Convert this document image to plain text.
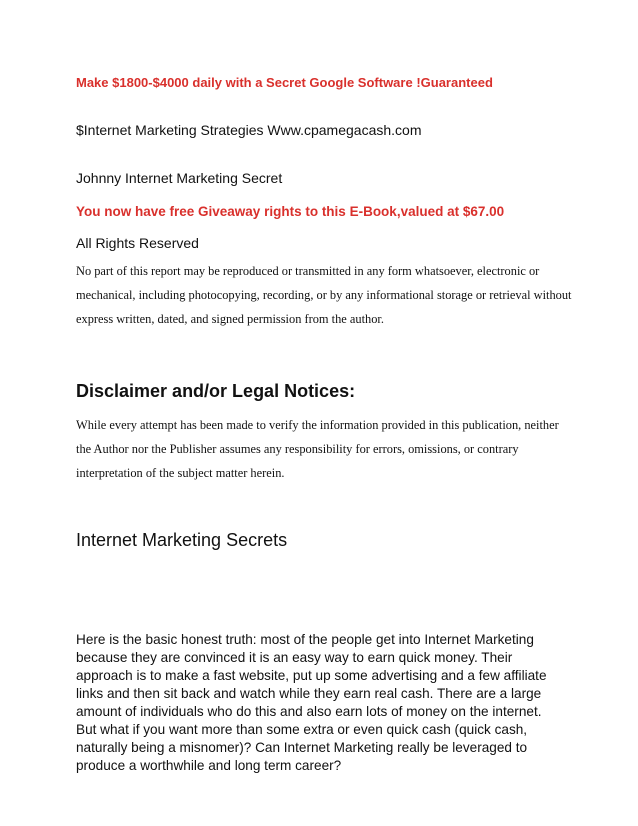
Make $1800-$4000 daily with a Secret Google Software !Guaranteed
$Internet Marketing Strategies Www.cpamegacash.com
Johnny Internet Marketing Secret
You now have free Giveaway rights to this E-Book,valued at $67.00
All Rights Reserved

No part of this report may be reproduced or transmitted in any form whatsoever, electronic or mechanical, including photocopying, recording, or by any informational storage or retrieval without express written, dated, and signed permission from the author.

Disclaimer and/or Legal Notices:

While every attempt has been made to verify the information provided in this publication, neither the Author nor the Publisher assumes any responsibility for errors, omissions, or contrary interpretation of the subject matter herein.

Internet Marketing Secrets

Here is the basic honest truth: most of the people get into Internet Marketing because they are convinced it is an easy way to earn quick money. Their approach is to make a fast website, put up some advertising and a few affiliate links and then sit back and watch while they earn real cash. There are a large amount of individuals who do this and also earn lots of money on the internet. But what if you want more than some extra or even quick cash (quick cash, naturally being a misnomer)? Can Internet Marketing really be leveraged to produce a worthwhile and long term career?
